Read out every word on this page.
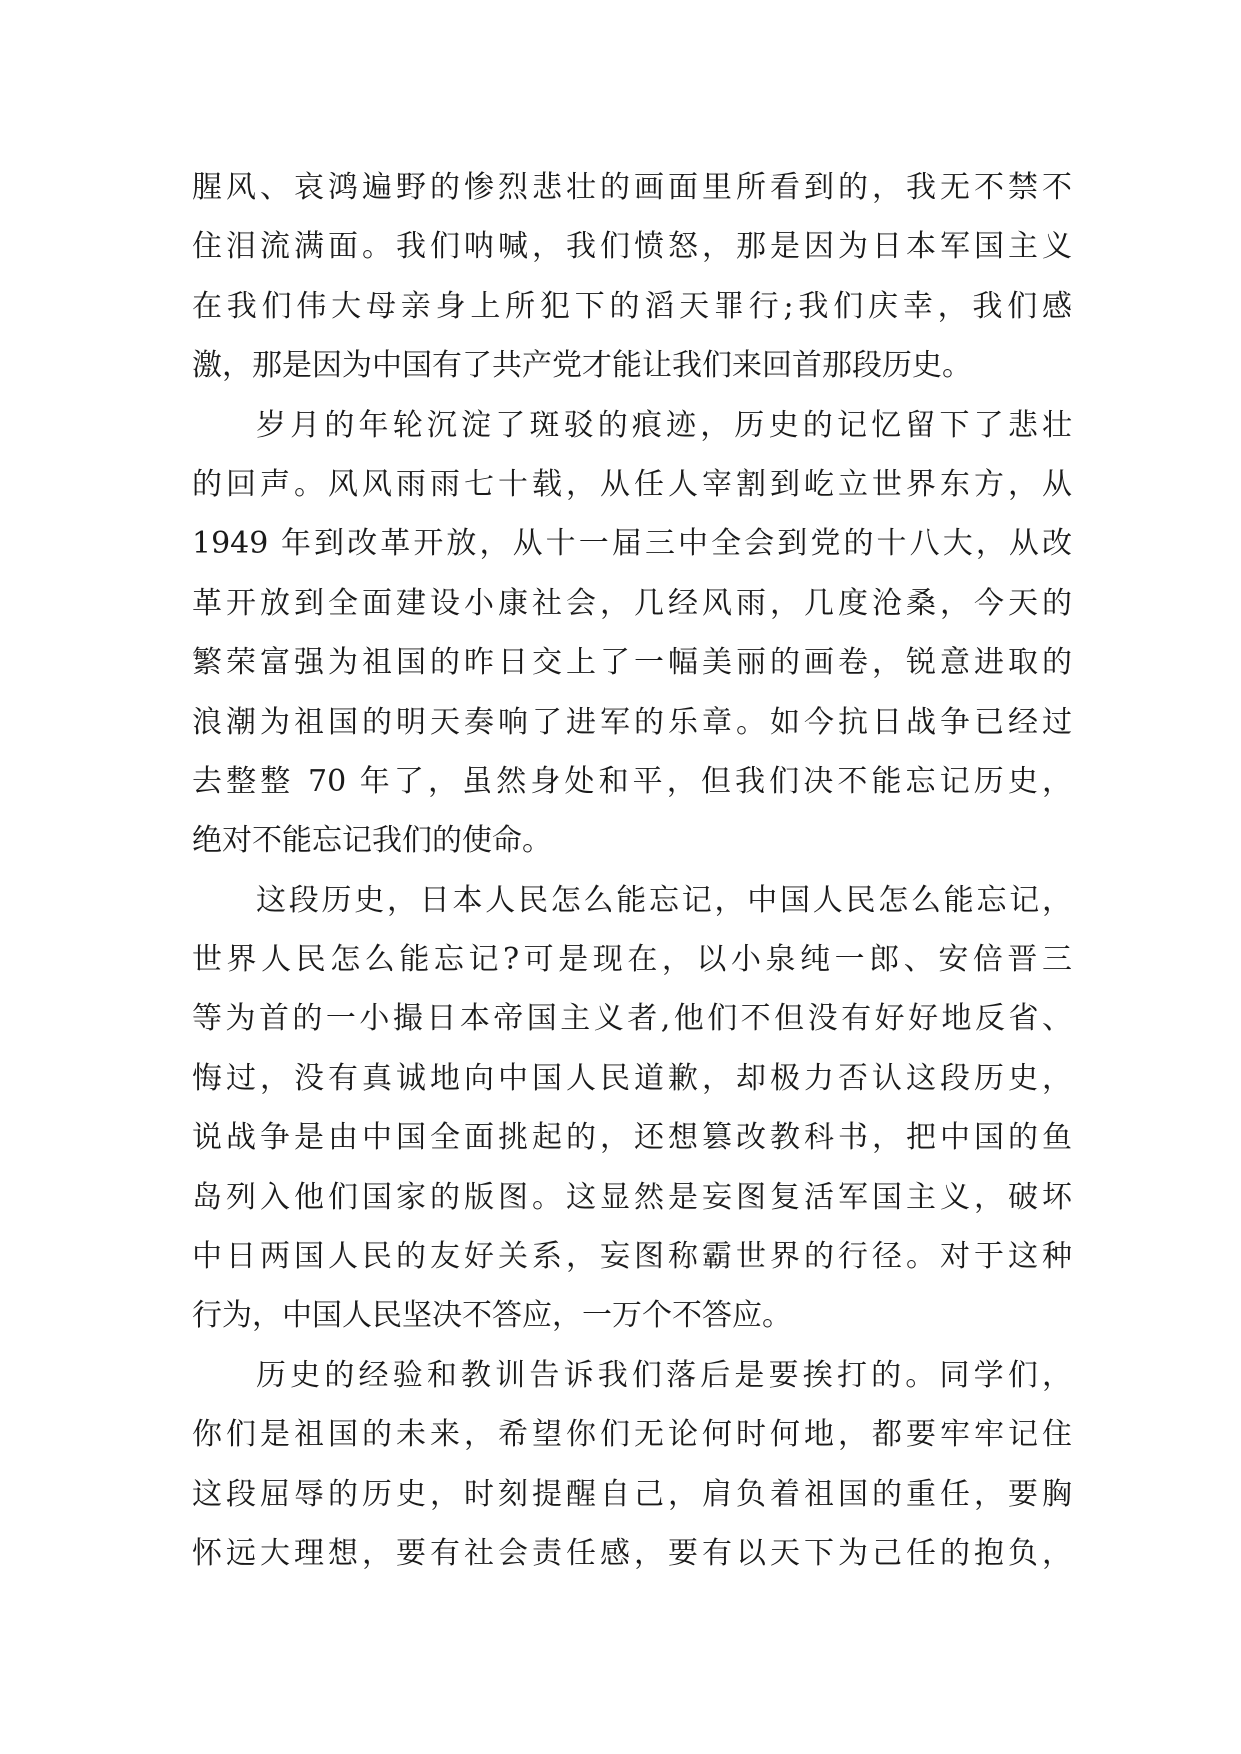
腥风、哀鸿遍野的惨烈悲壮的画面里所看到的，我无不禁不
住泪流满面。我们呐喊，我们愤怒，那是因为日本军国主义
在我们伟大母亲身上所犯下的滔天罪行;我们庆幸，我们感
激，那是因为中国有了共产党才能让我们来回首那段历史。
岁月的年轮沉淀了斑驳的痕迹，历史的记忆留下了悲壮
的回声。风风雨雨七十载，从任人宰割到屹立世界东方，从
1949 年到改革开放，从十一届三中全会到党的十八大，从改
革开放到全面建设小康社会，几经风雨，几度沧桑，今天的
繁荣富强为祖国的昨日交上了一幅美丽的画卷，锐意进取的
浪潮为祖国的明天奏响了进军的乐章。如今抗日战争已经过
去整整 70 年了，虽然身处和平，但我们决不能忘记历史，
绝对不能忘记我们的使命。
这段历史，日本人民怎么能忘记，中国人民怎么能忘记，
世界人民怎么能忘记?可是现在，以小泉纯一郎、安倍晋三
等为首的一小撮日本帝国主义者,他们不但没有好好地反省、
悔过，没有真诚地向中国人民道歉，却极力否认这段历史，
说战争是由中国全面挑起的，还想篡改教科书，把中国的鱼
岛列入他们国家的版图。这显然是妄图复活军国主义，破坏
中日两国人民的友好关系，妄图称霸世界的行径。对于这种
行为，中国人民坚决不答应，一万个不答应。
历史的经验和教训告诉我们落后是要挨打的。同学们，
你们是祖国的未来，希望你们无论何时何地，都要牢牢记住
这段屈辱的历史，时刻提醒自己，肩负着祖国的重任，要胸
怀远大理想，要有社会责任感，要有以天下为己任的抱负，
